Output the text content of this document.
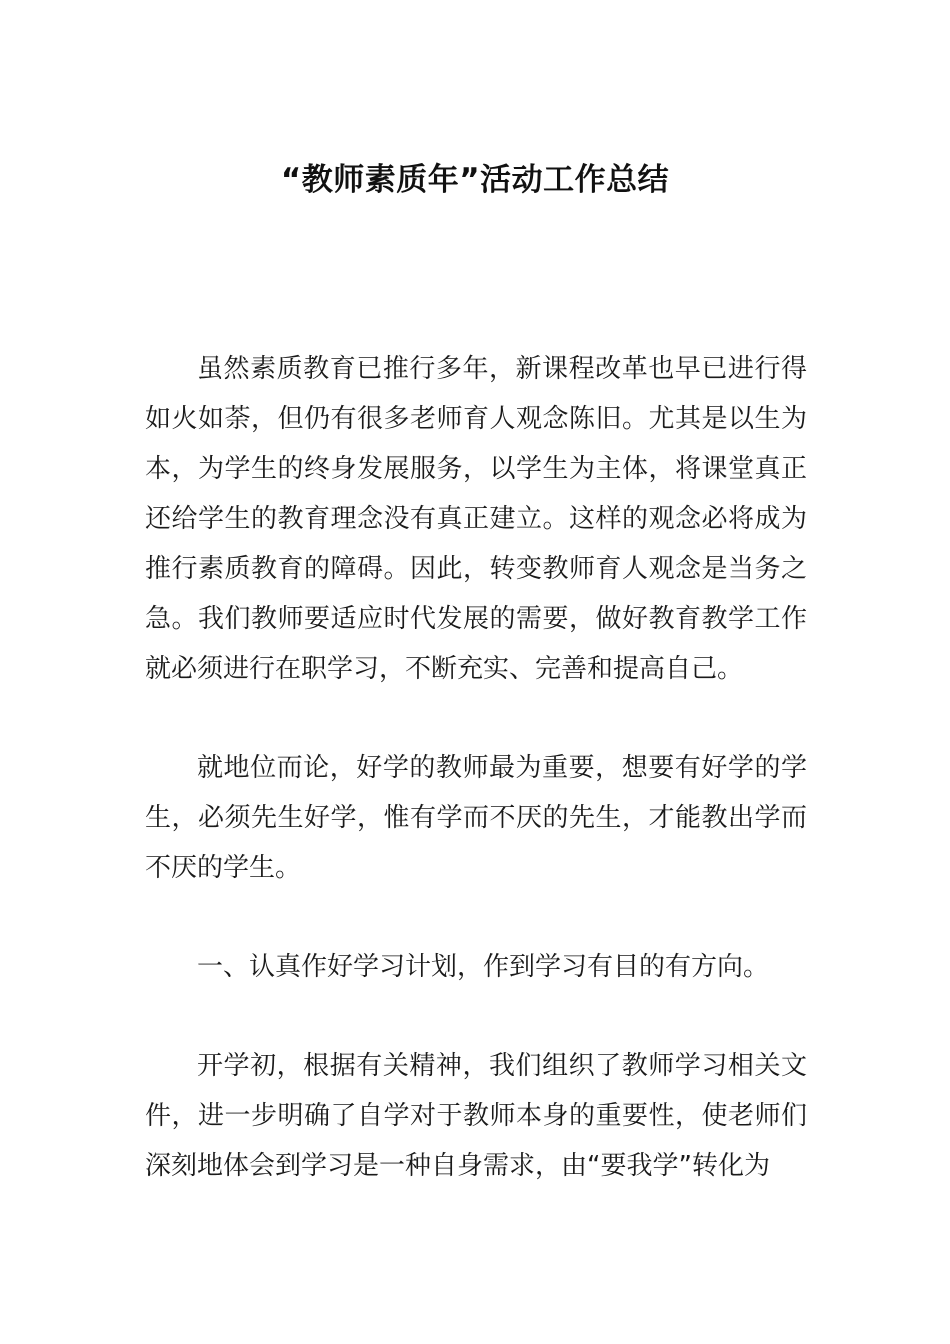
“教师素质年”活动工作总结

虽然素质教育已推行多年，新课程改革也早已进行得如火如荼，但仍有很多老师育人观念陈旧。尤其是以生为本，为学生的终身发展服务，以学生为主体，将课堂真正还给学生的教育理念没有真正建立。这样的观念必将成为推行素质教育的障碍。因此，转变教师育人观念是当务之急。我们教师要适应时代发展的需要，做好教育教学工作就必须进行在职学习，不断充实、完善和提高自己。

就地位而论，好学的教师最为重要，想要有好学的学生，必须先生好学，惟有学而不厌的先生，才能教出学而不厌的学生。

一、认真作好学习计划，作到学习有目的有方向。

开学初，根据有关精神，我们组织了教师学习相关文件，进一步明确了自学对于教师本身的重要性，使老师们深刻地体会到学习是一种自身需求，由“要我学”转化为
